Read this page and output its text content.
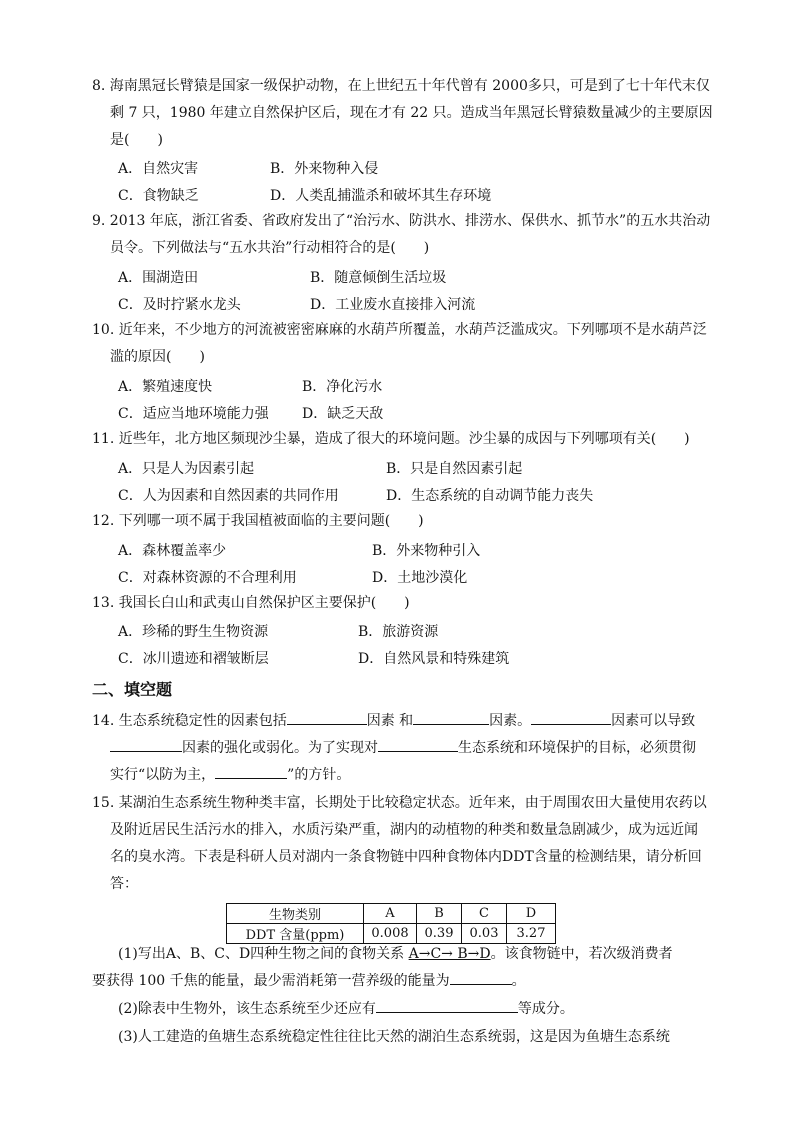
8. 海南黑冠长臂猿是国家一级保护动物，在上世纪五十年代曾有 2000多只，可是到了七十年代末仅
剩 7 只，1980 年建立自然保护区后，现在才有 22 只。造成当年黑冠长臂猿数量减少的主要原因
是(　　)
A．自然灾害	B．外来物种入侵
C．食物缺乏	D．人类乱捕滥杀和破坏其生存环境
9. 2013 年底，浙江省委、省政府发出了“治污水、防洪水、排涝水、保供水、抓节水”的五水共治动
员令。下列做法与“五水共治”行动相符合的是(　　)
A．围湖造田	B．随意倾倒生活垃圾
C．及时拧紧水龙头	D．工业废水直接排入河流
10. 近年来，不少地方的河流被密密麻麻的水葫芦所覆盖，水葫芦泛滥成灾。下列哪项不是水葫芦泛
滥的原因(　　)
A．繁殖速度快	B．净化污水
C．适应当地环境能力强 D．缺乏天敌
11. 近些年，北方地区频现沙尘暴，造成了很大的环境问题。沙尘暴的成因与下列哪项有关(　　)
A．只是人为因素引起	B．只是自然因素引起
C．人为因素和自然因素的共同作用	D．生态系统的自动调节能力丧失
12. 下列哪一项不属于我国植被面临的主要问题(　　)
A．森林覆盖率少	B．外来物种引入
C．对森林资源的不合理利用	D．土地沙漠化
13. 我国长白山和武夷山自然保护区主要保护(　　)
A．珍稀的野生生物资源	B．旅游资源
C．冰川遗迹和褶皱断层	D．自然风景和特殊建筑
二、填空题
14. 生态系统稳定性的因素包括	因素 和	因素。	因素可以导致
因素的强化或弱化。为了实现对	生态系统和环境保护的目标，必须贯彻
实行“以防为主，	”的方针。
15. 某湖泊生态系统生物种类丰富，长期处于比较稳定状态。近年来，由于周围农田大量使用农药以
及附近居民生活污水的排入，水质污染严重，湖内的动植物的种类和数量急剧减少，成为远近闻
名的臭水湾。下表是科研人员对湖内一条食物链中四种食物体内DDT含量的检测结果，请分析回
答：
生物类别	A	B	C	D
DDT 含量(ppm)	0.008	0.39	0.03	3.27
(1)写出A、B、C、D四种生物之间的食物关系 A→C→ B→D。该食物链中，若次级消费者
要获得 100 千焦的能量，最少需消耗第一营养级的能量为	。
(2)除表中生物外，该生态系统至少还应有	等成分。
(3)人工建造的鱼塘生态系统稳定性往往比天然的湖泊生态系统弱，这是因为鱼塘生态系统
